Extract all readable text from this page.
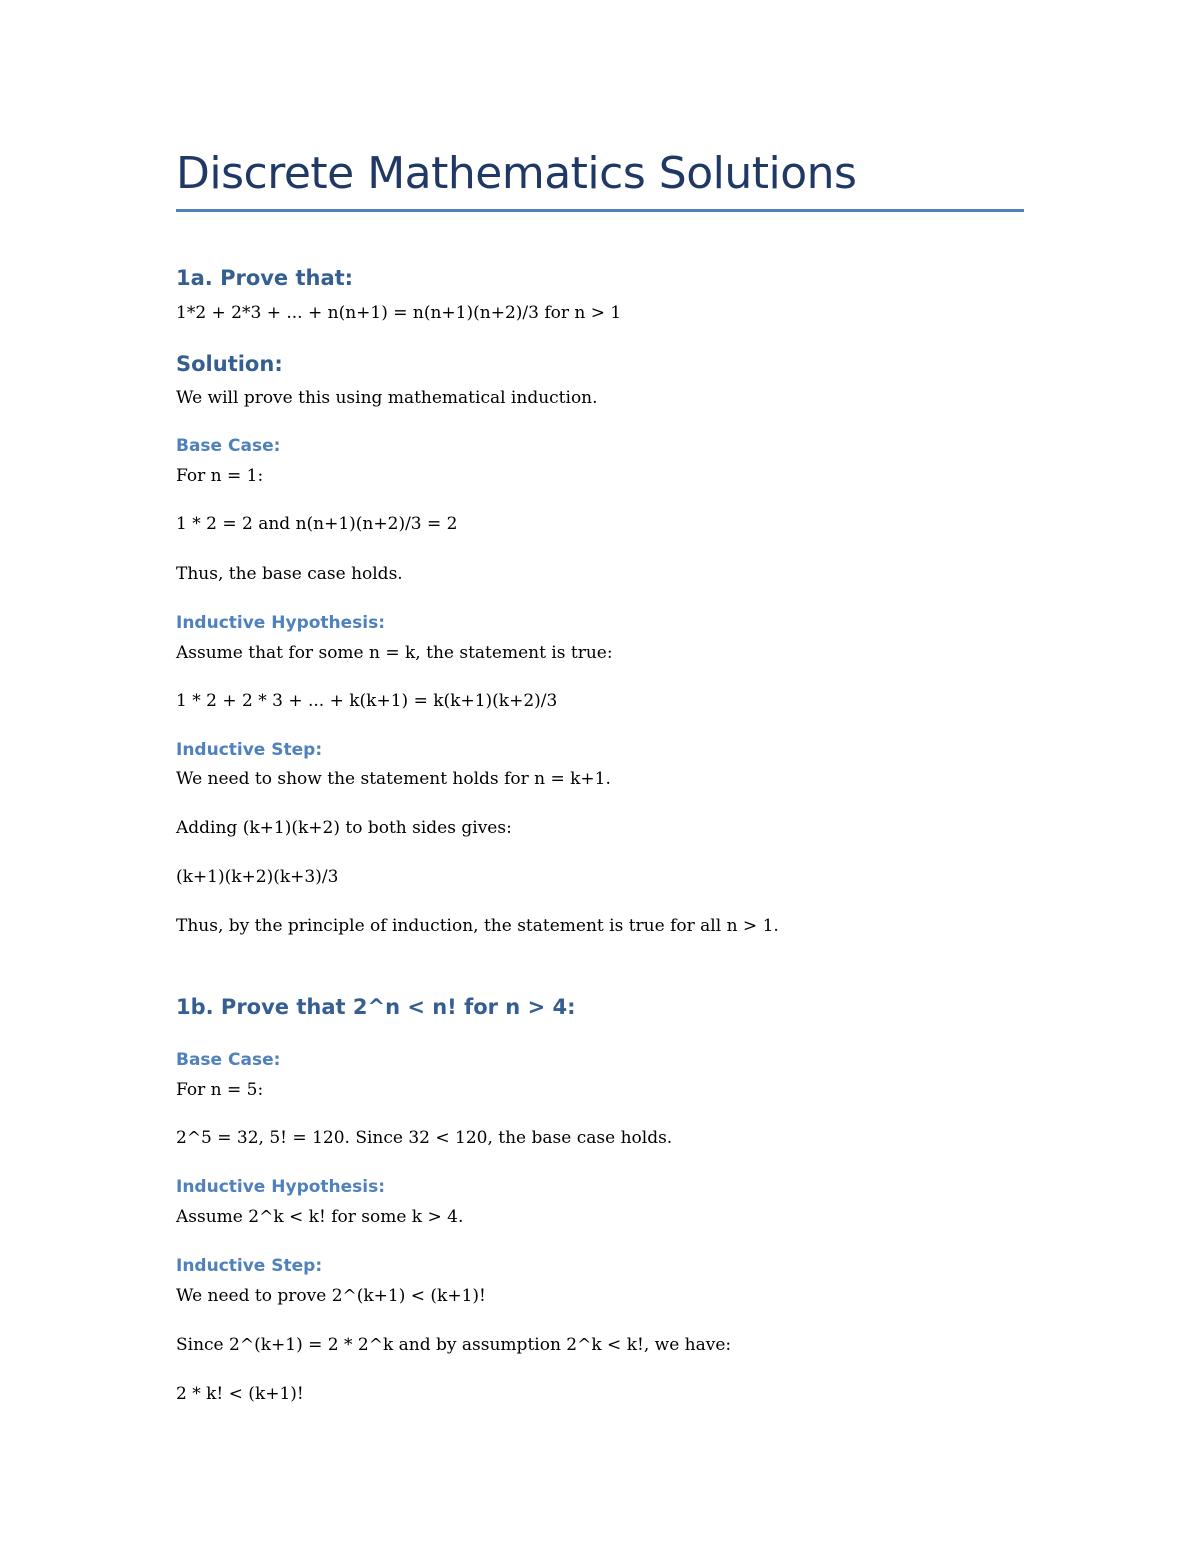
Discrete Mathematics Solutions
1a. Prove that:
1*2 + 2*3 + ... + n(n+1) = n(n+1)(n+2)/3 for n > 1
Solution:
We will prove this using mathematical induction.
Base Case:
For n = 1:
1 * 2 = 2 and n(n+1)(n+2)/3 = 2
Thus, the base case holds.
Inductive Hypothesis:
Assume that for some n = k, the statement is true:
1 * 2 + 2 * 3 + ... + k(k+1) = k(k+1)(k+2)/3
Inductive Step:
We need to show the statement holds for n = k+1.
Adding (k+1)(k+2) to both sides gives:
(k+1)(k+2)(k+3)/3
Thus, by the principle of induction, the statement is true for all n > 1.
1b. Prove that 2^n < n! for n > 4:
Base Case:
For n = 5:
2^5 = 32, 5! = 120. Since 32 < 120, the base case holds.
Inductive Hypothesis:
Assume 2^k < k! for some k > 4.
Inductive Step:
We need to prove 2^(k+1) < (k+1)!
Since 2^(k+1) = 2 * 2^k and by assumption 2^k < k!, we have:
2 * k! < (k+1)!
